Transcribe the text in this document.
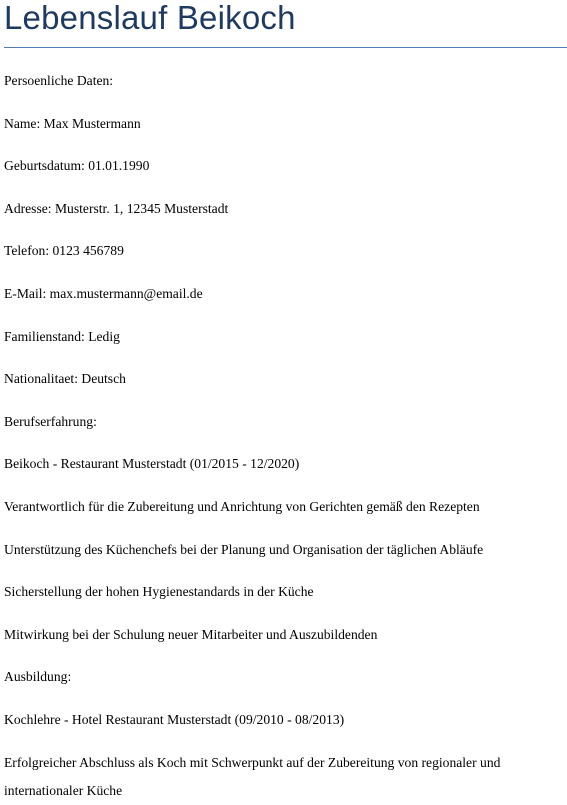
Lebenslauf Beikoch

Persoenliche Daten:

Name: Max Mustermann

Geburtsdatum: 01.01.1990

Adresse: Musterstr. 1, 12345 Musterstadt

Telefon: 0123 456789

E-Mail: max.mustermann@email.de

Familienstand: Ledig

Nationalitaet: Deutsch

Berufserfahrung:

Beikoch - Restaurant Musterstadt (01/2015 - 12/2020)

Verantwortlich für die Zubereitung und Anrichtung von Gerichten gemäß den Rezepten

Unterstützung des Küchenchefs bei der Planung und Organisation der täglichen Abläufe

Sicherstellung der hohen Hygienestandards in der Küche

Mitwirkung bei der Schulung neuer Mitarbeiter und Auszubildenden

Ausbildung:

Kochlehre - Hotel Restaurant Musterstadt (09/2010 - 08/2013)

Erfolgreicher Abschluss als Koch mit Schwerpunkt auf der Zubereitung von regionaler und internationaler Küche
